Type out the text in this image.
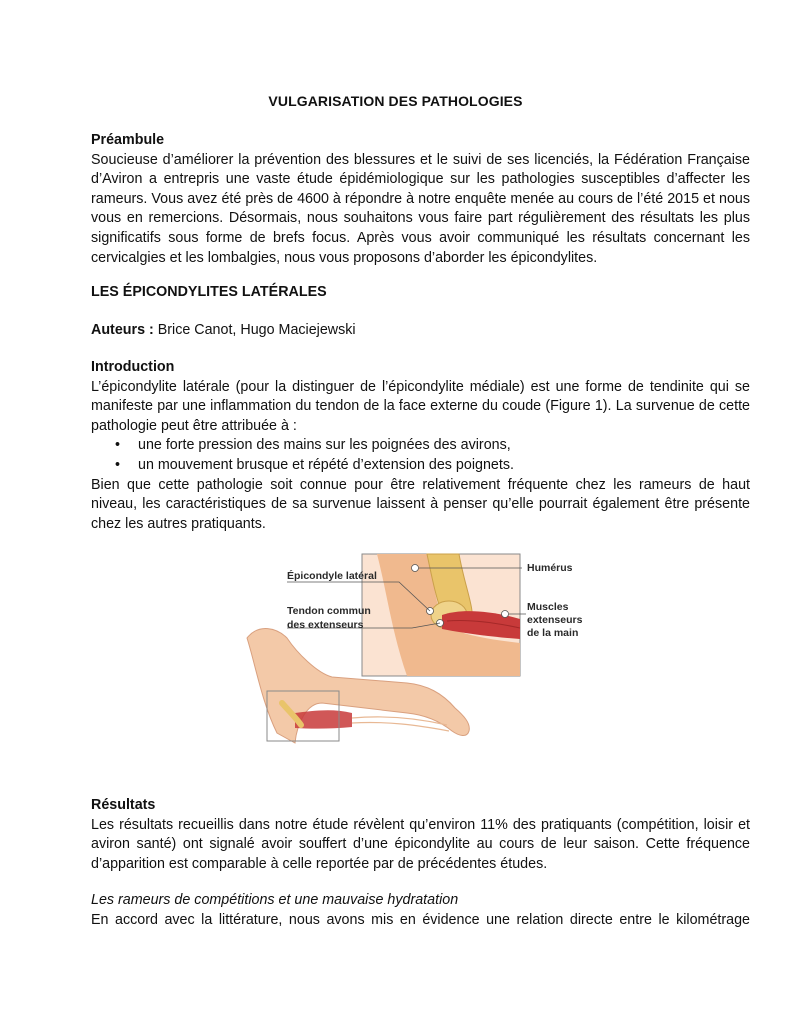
VULGARISATION DES PATHOLOGIES

Préambule

Soucieuse d’améliorer la prévention des blessures et le suivi de ses licenciés, la Fédération Française d’Aviron a entrepris une vaste étude épidémiologique sur les pathologies susceptibles d’affecter les rameurs. Vous avez été près de 4600 à répondre à notre enquête menée au cours de l’été 2015 et nous vous en remercions. Désormais, nous souhaitons vous faire part régulièrement des résultats les plus significatifs sous forme de brefs focus. Après vous avoir communiqué les résultats concernant les cervicalgies et les lombalgies, nous vous proposons d’aborder les épicondylites.

LES ÉPICONDYLITES LATÉRALES
Auteurs : Brice Canot, Hugo Maciejewski

Introduction

L’épicondylite latérale (pour la distinguer de l’épicondylite médiale) est une forme de tendinite qui se manifeste par une inflammation du tendon de la face externe du coude (Figure 1). La survenue de cette pathologie peut être attribuée à :

• une forte pression des mains sur les poignées des avirons,
• un mouvement brusque et répété d’extension des poignets.

Bien que cette pathologie soit connue pour être relativement fréquente chez les rameurs de haut niveau, les caractéristiques de sa survenue laissent à penser qu’elle pourrait également être présente chez les autres pratiquants.

Épicondyle latéral
Tendon commun
des extenseurs
Humérus
Muscles
extenseurs
de la main

Résultats

Les résultats recueillis dans notre étude révèlent qu’environ 11% des pratiquants (compétition, loisir et aviron santé) ont signalé avoir souffert d’une épicondylite au cours de leur saison. Cette fréquence d’apparition est comparable à celle reportée par de précédentes études.

Les rameurs de compétitions et une mauvaise hydratation

En accord avec la littérature, nous avons mis en évidence une relation directe entre le kilométrage
